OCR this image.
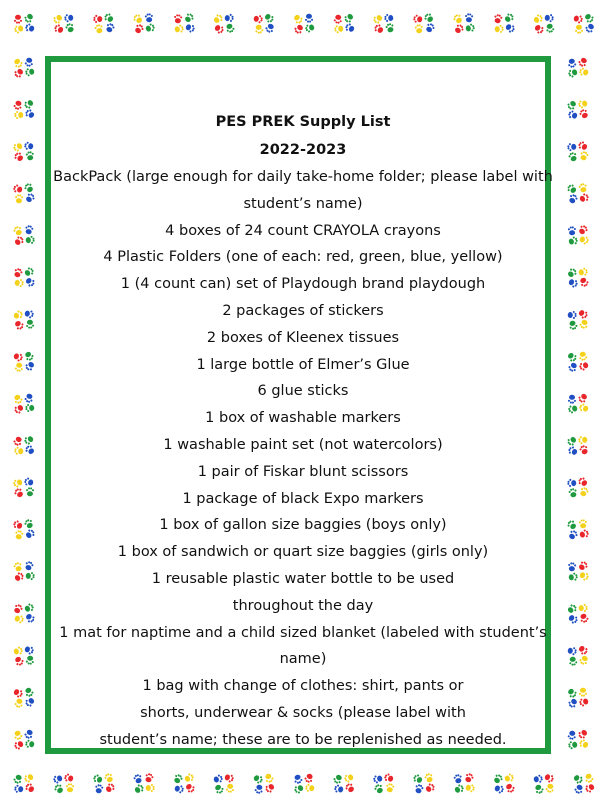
PES PREK Supply List
2022-2023
BackPack (large enough for daily take-home folder; please label with
student’s name)
4 boxes of 24 count CRAYOLA crayons
4 Plastic Folders (one of each: red, green, blue, yellow)
1 (4 count can) set of Playdough brand playdough
2 packages of stickers
2 boxes of Kleenex tissues
1 large bottle of Elmer’s Glue
6 glue sticks
1 box of washable markers
1 washable paint set (not watercolors)
1 pair of Fiskar blunt scissors
1 package of black Expo markers
1 box of gallon size baggies (boys only)
1 box of sandwich or quart size baggies (girls only)
1 reusable plastic water bottle to be used
throughout the day
1 mat for naptime and a child sized blanket (labeled with student’s
name)
1 bag with change of clothes: shirt, pants or
shorts, underwear & socks (please label with
student’s name; these are to be replenished as needed.
